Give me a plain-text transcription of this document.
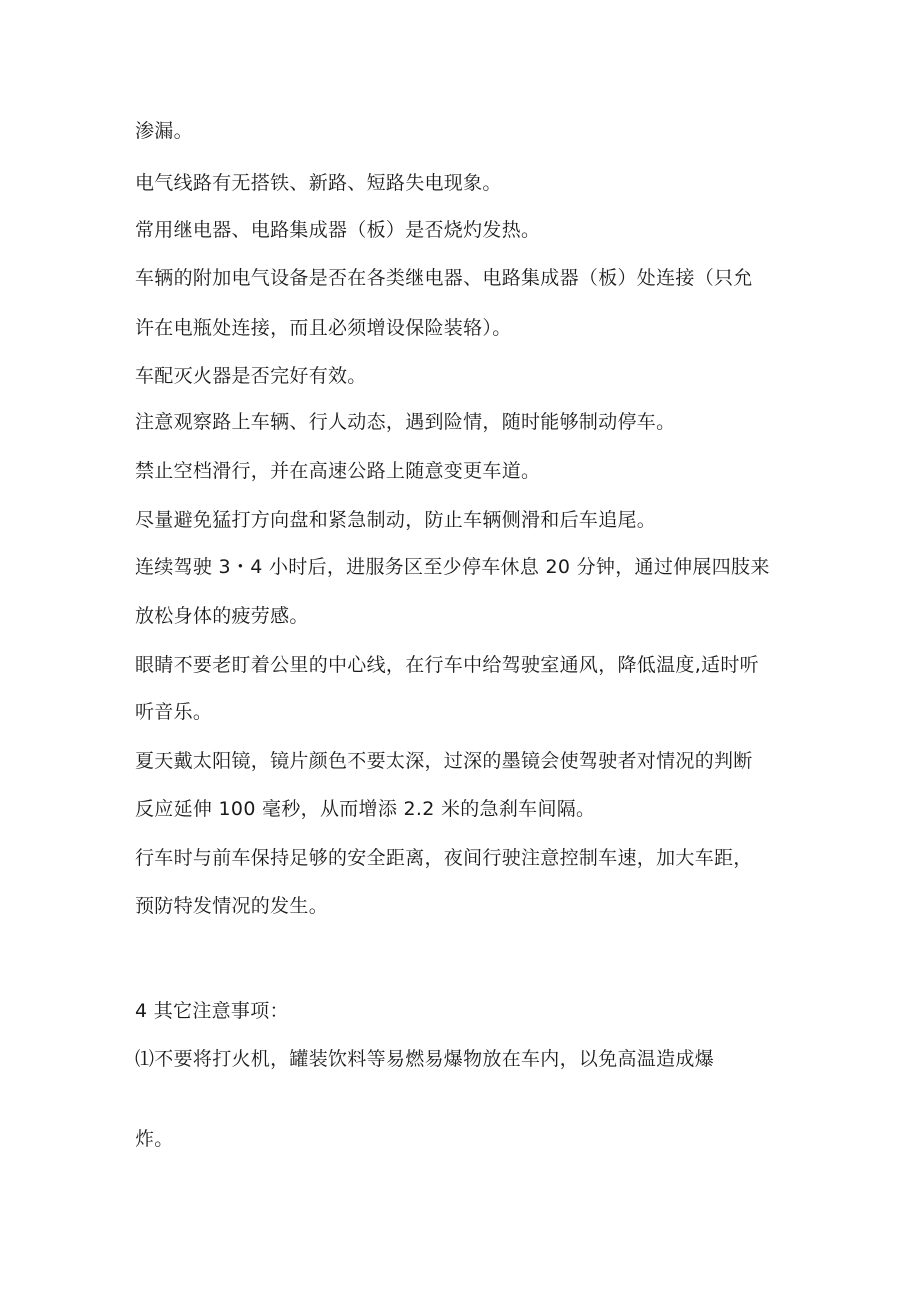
渗漏。
电气线路有无搭铁、新路、短路失电现象。
常用继电器、电路集成器（板）是否烧灼发热。
车辆的附加电气设备是否在各类继电器、电路集成器（板）处连接（只允
许在电瓶处连接，而且必须增设保险装辂）。
车配灭火器是否完好有效。
注意观察路上车辆、行人动态，遇到险情，随时能够制动停车。
禁止空档滑行，并在高速公路上随意变更车道。
尽量避免猛打方向盘和紧急制动，防止车辆侧滑和后车追尾。
连续驾驶 3・4 小时后，进服务区至少停车休息 20 分钟，通过伸展四肢来
放松身体的疲劳感。
眼睛不要老盯着公里的中心线，在行车中给驾驶室通风，降低温度,适时听
听音乐。
夏天戴太阳镜，镜片颜色不要太深，过深的墨镜会使驾驶者对情况的判断
反应延伸 100 毫秒，从而增添 2.2 米的急刹车间隔。
行车时与前车保持足够的安全距离，夜间行驶注意控制车速，加大车距，
预防特发情况的发生。
4 其它注意事项：
⑴不要将打火机，罐装饮料等易燃易爆物放在车内，以免高温造成爆
炸。
